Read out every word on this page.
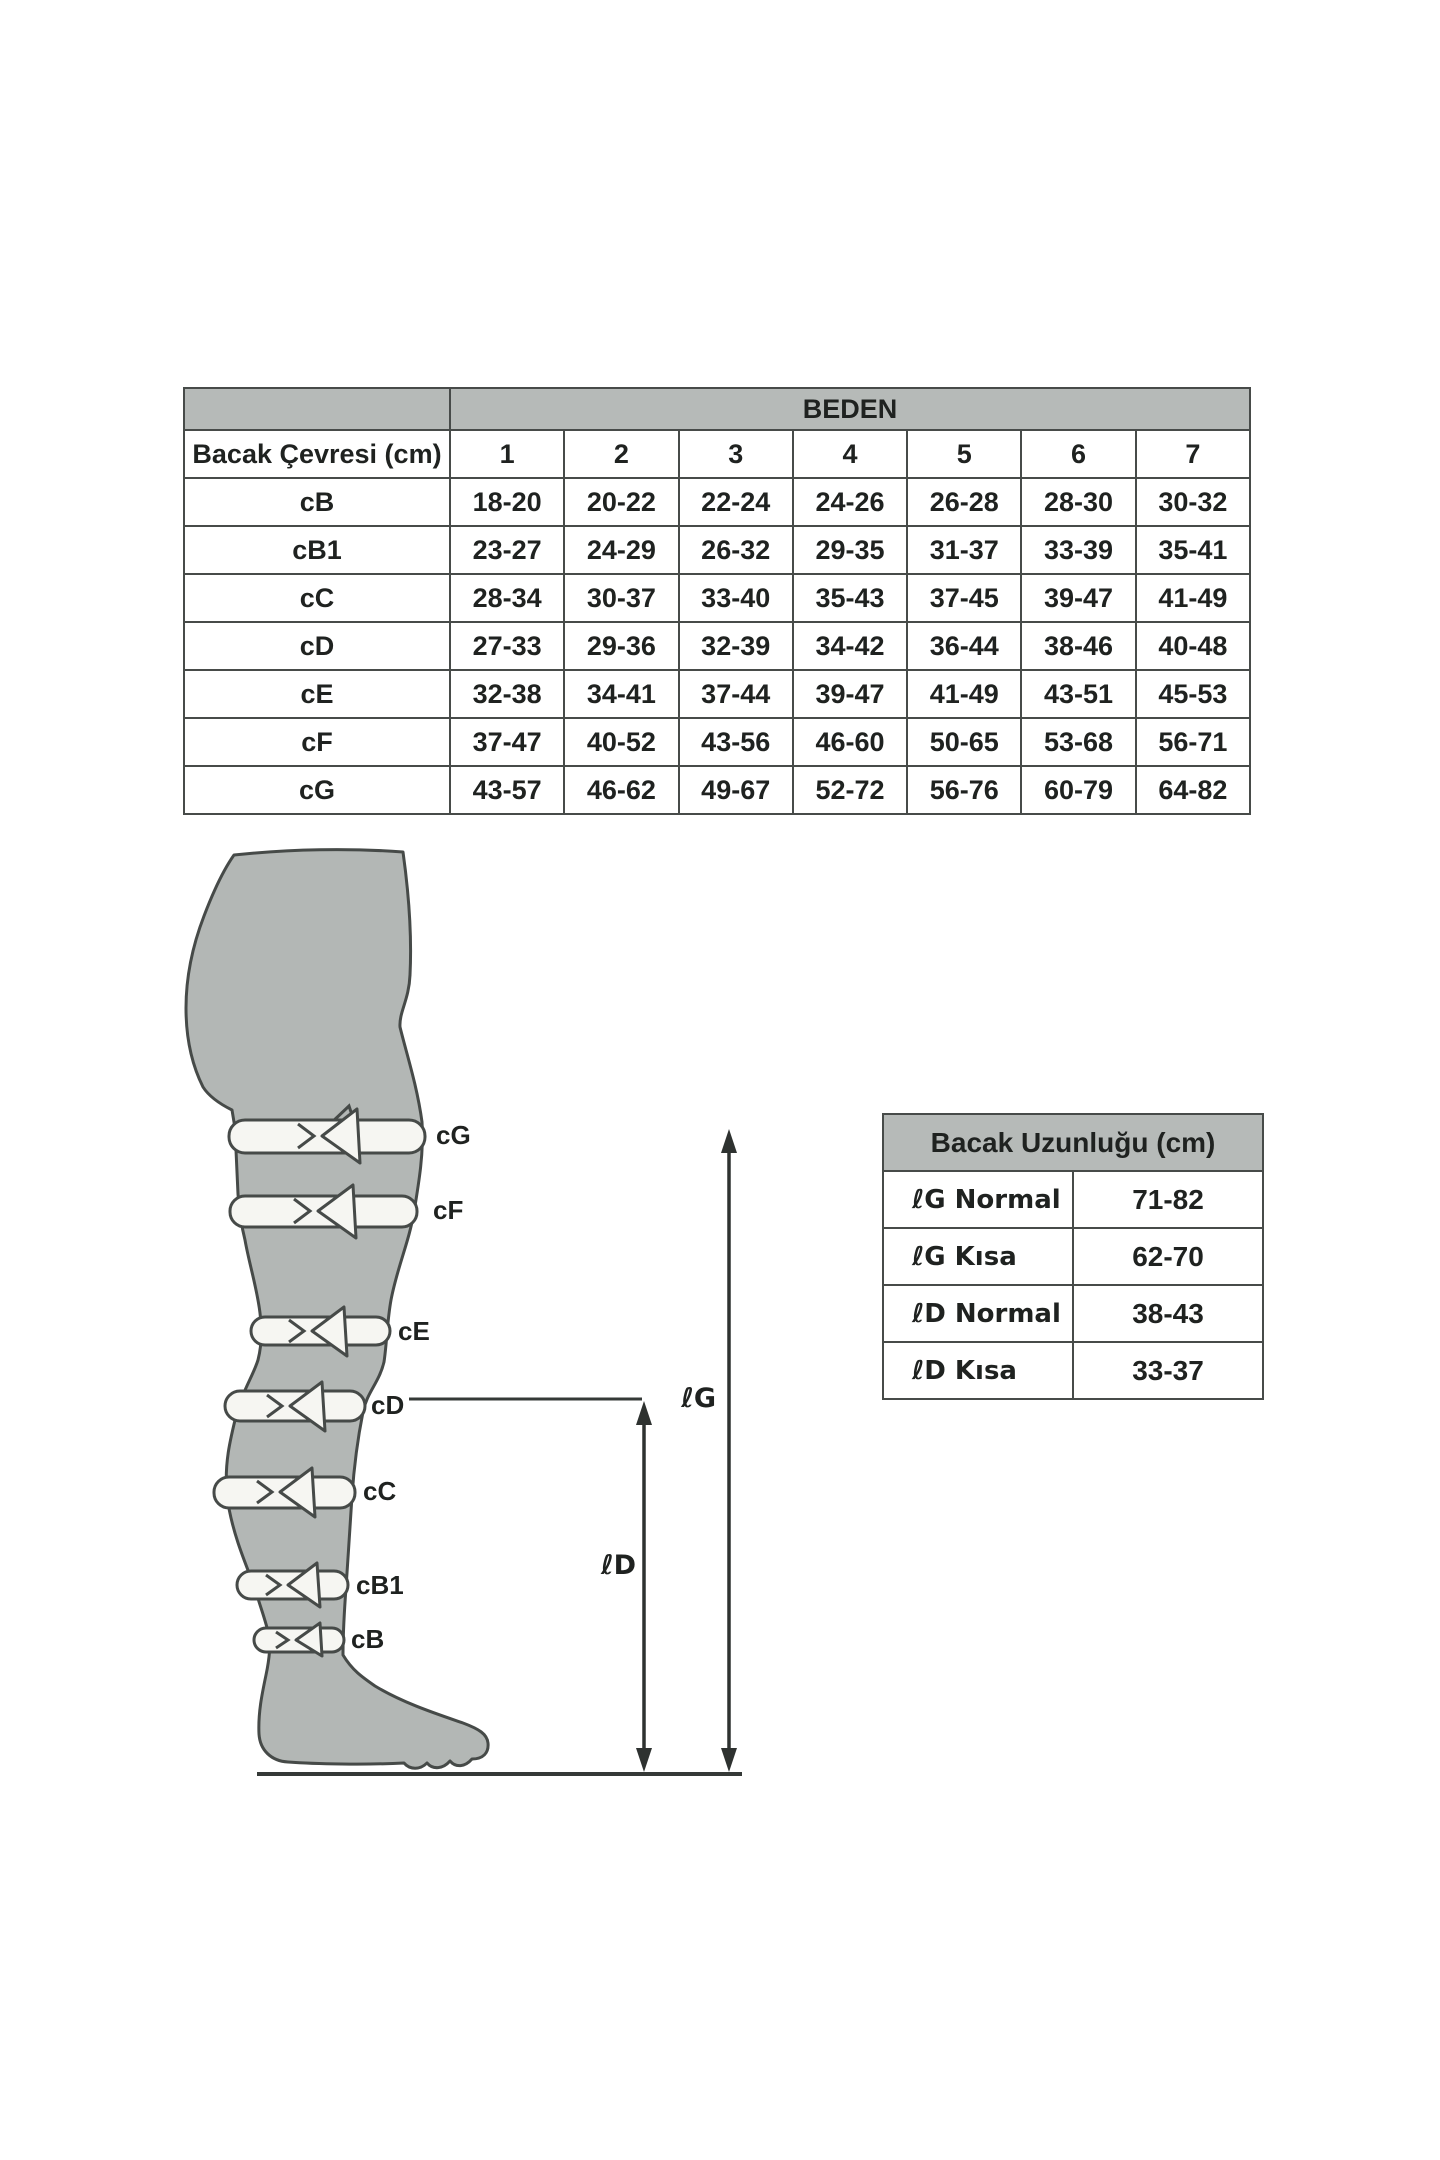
	BEDEN						
Bacak Çevresi (cm)	1	2	3	4	5	6	7
cB	18-20	20-22	22-24	24-26	26-28	28-30	30-32
cB1	23-27	24-29	26-32	29-35	31-37	33-39	35-41
cC	28-34	30-37	33-40	35-43	37-45	39-47	41-49
cD	27-33	29-36	32-39	34-42	36-44	38-46	40-48
cE	32-38	34-41	37-44	39-47	41-49	43-51	45-53
cF	37-47	40-52	43-56	46-60	50-65	53-68	56-71
cG	43-57	46-62	49-67	52-72	56-76	60-79	64-82
Bacak Uzunluğu (cm)	
ℓG Normal	71-82
ℓG Kısa	62-70
ℓD Normal	38-43
ℓD Kısa	33-37
cG
cF
cE
cD
cC
cB1
cB
ℓG
ℓD
